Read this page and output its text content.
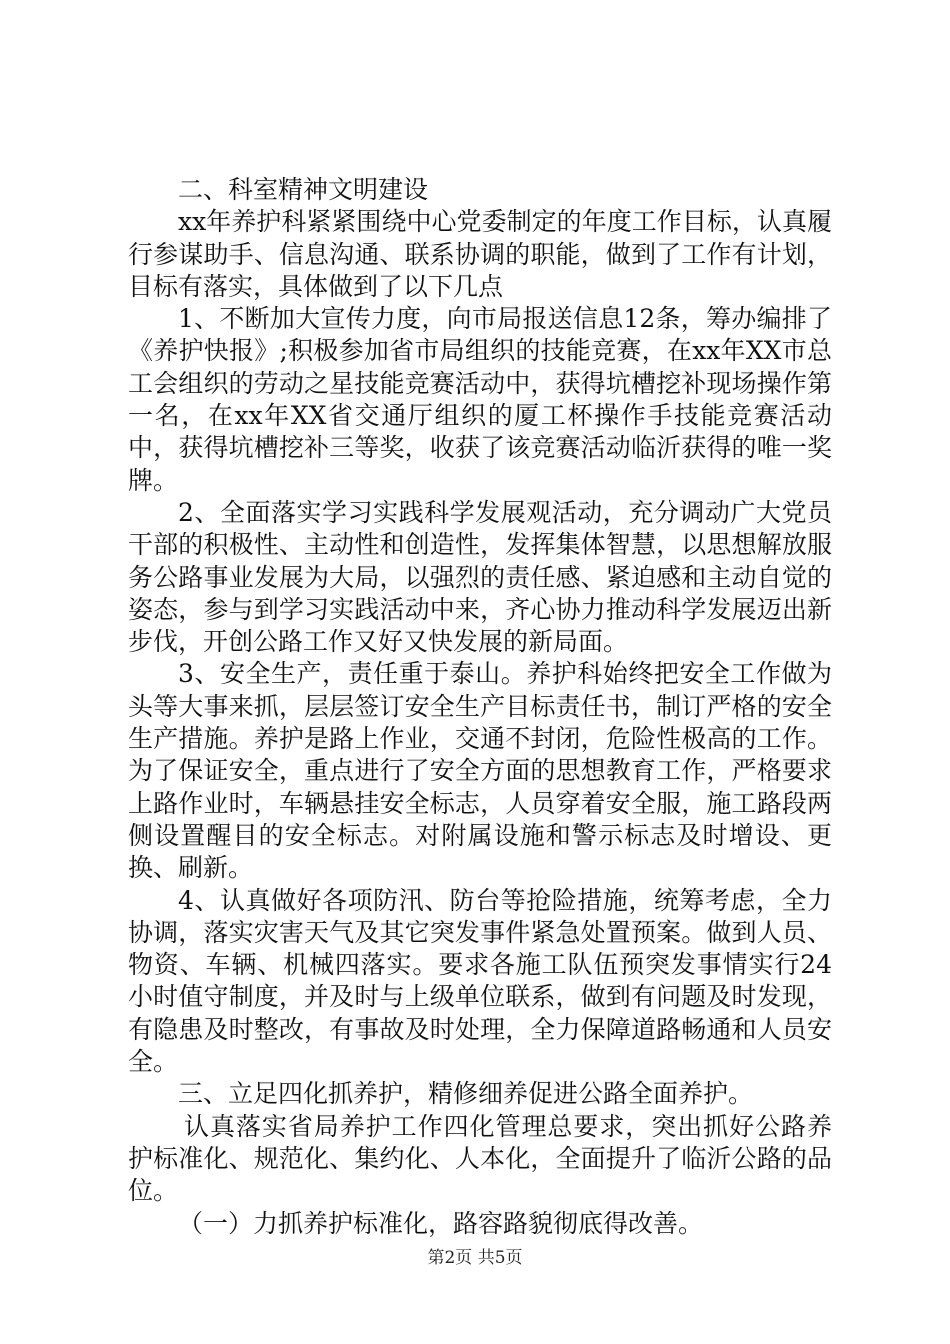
二、科室精神文明建设

xx年养护科紧紧围绕中心党委制定的年度工作目标，认真履行参谋助手、信息沟通、联系协调的职能，做到了工作有计划，目标有落实，具体做到了以下几点

1、不断加大宣传力度，向市局报送信息12条，筹办编排了《养护快报》;积极参加省市局组织的技能竞赛，在xx年XX市总工会组织的劳动之星技能竞赛活动中，获得坑槽挖补现场操作第一名，在xx年XX省交通厅组织的厦工杯操作手技能竞赛活动中，获得坑槽挖补三等奖，收获了该竞赛活动临沂获得的唯一奖牌。

2、全面落实学习实践科学发展观活动，充分调动广大党员干部的积极性、主动性和创造性，发挥集体智慧，以思想解放服务公路事业发展为大局，以强烈的责任感、紧迫感和主动自觉的姿态，参与到学习实践活动中来，齐心协力推动科学发展迈出新步伐，开创公路工作又好又快发展的新局面。

3、安全生产，责任重于泰山。养护科始终把安全工作做为头等大事来抓，层层签订安全生产目标责任书，制订严格的安全生产措施。养护是路上作业，交通不封闭，危险性极高的工作。为了保证安全，重点进行了安全方面的思想教育工作，严格要求上路作业时，车辆悬挂安全标志，人员穿着安全服，施工路段两侧设置醒目的安全标志。对附属设施和警示标志及时增设、更换、刷新。

4、认真做好各项防汛、防台等抢险措施，统筹考虑，全力协调，落实灾害天气及其它突发事件紧急处置预案。做到人员、物资、车辆、机械四落实。要求各施工队伍预突发事情实行24小时值守制度，并及时与上级单位联系，做到有问题及时发现，有隐患及时整改，有事故及时处理，全力保障道路畅通和人员安全。

三、立足四化抓养护，精修细养促进公路全面养护。

认真落实省局养护工作四化管理总要求，突出抓好公路养护标准化、规范化、集约化、人本化，全面提升了临沂公路的品位。

（一）力抓养护标准化，路容路貌彻底得改善。

第2页 共5页
